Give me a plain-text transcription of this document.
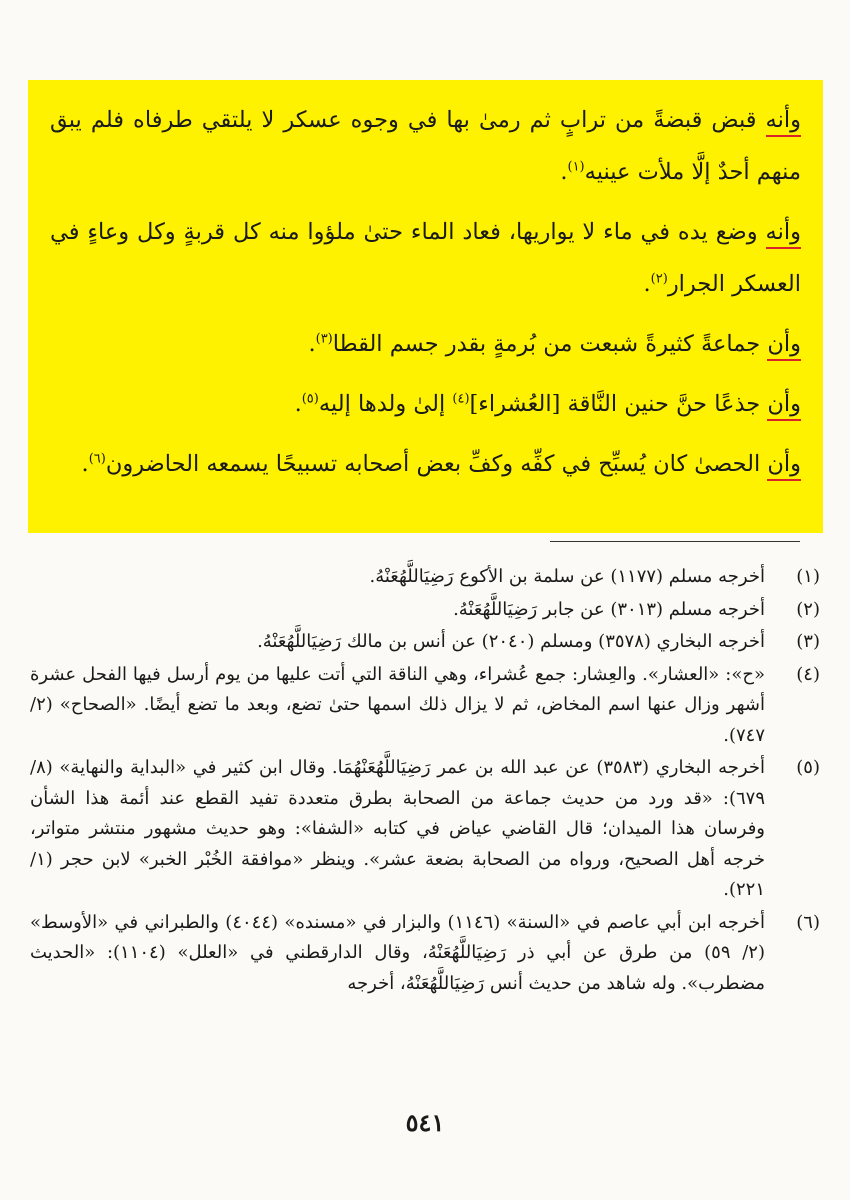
وأنه قبض قبضةً من ترابٍ ثم رمىٰ بها في وجوه عسكر لا يلتقي طرفاه فلم يبق منهم أحدٌ إلَّا ملأت عينيه$^{(١)}$.

وأنه وضع يده في ماء لا يواريها، فعاد الماء حتىٰ ملؤوا منه كل قربةٍ وكل وعاءٍ في العسكر الجرار$^{(٢)}$.

وأن جماعةً كثيرةً شبعت من بُرمةٍ بقدر جسم القطا$^{(٣)}$.

وأن جذعًا حنَّ حنين النَّاقة [العُشراء]$^{(٤)}$ إلىٰ ولدها إليه$^{(٥)}$.

وأن الحصىٰ كان يُسبِّح في كفِّه وكفِّ بعض أصحابه تسبيحًا يسمعه الحاضرون$^{(٦)}$.

(١)
أخرجه مسلم (١١٧٧) عن سلمة بن الأكوع رَضِيَاللَّهُعَنْهُ.
(٢)
أخرجه مسلم (٣٠١٣) عن جابر رَضِيَاللَّهُعَنْهُ.
(٣)
أخرجه البخاري (٣٥٧٨) ومسلم (٢٠٤٠) عن أنس بن مالك رَضِيَاللَّهُعَنْهُ.
(٤)
«ح»: «العشار». والعِشار: جمع عُشراء، وهي الناقة التي أتت عليها من يوم أرسل فيها الفحل عشرة أشهر وزال عنها اسم المخاض، ثم لا يزال ذلك اسمها حتىٰ تضع، وبعد ما تضع أيضًا. «الصحاح» (٢/ ٧٤٧).
(٥)
أخرجه البخاري (٣٥٨٣) عن عبد الله بن عمر رَضِيَاللَّهُعَنْهُمَا. وقال ابن كثير في «البداية والنهاية» (٨/ ٦٧٩): «قد ورد من حديث جماعة من الصحابة بطرق متعددة تفيد القطع عند أئمة هذا الشأن وفرسان هذا الميدان؛ قال القاضي عياض في كتابه «الشفا»: وهو حديث مشهور منتشر متواتر، خرجه أهل الصحيح، ورواه من الصحابة بضعة عشر». وينظر «موافقة الخُبْر الخبر» لابن حجر (١/ ٢٢١).
(٦)
أخرجه ابن أبي عاصم في «السنة» (١١٤٦) والبزار في «مسنده» (٤٠٤٤) والطبراني في «الأوسط» (٢/ ٥٩) من طرق عن أبي ذر رَضِيَاللَّهُعَنْهُ، وقال الدارقطني في «العلل» (١١٠٤): «الحديث مضطرب». وله شاهد من حديث أنس رَضِيَاللَّهُعَنْهُ، أخرجه
٥٤١
